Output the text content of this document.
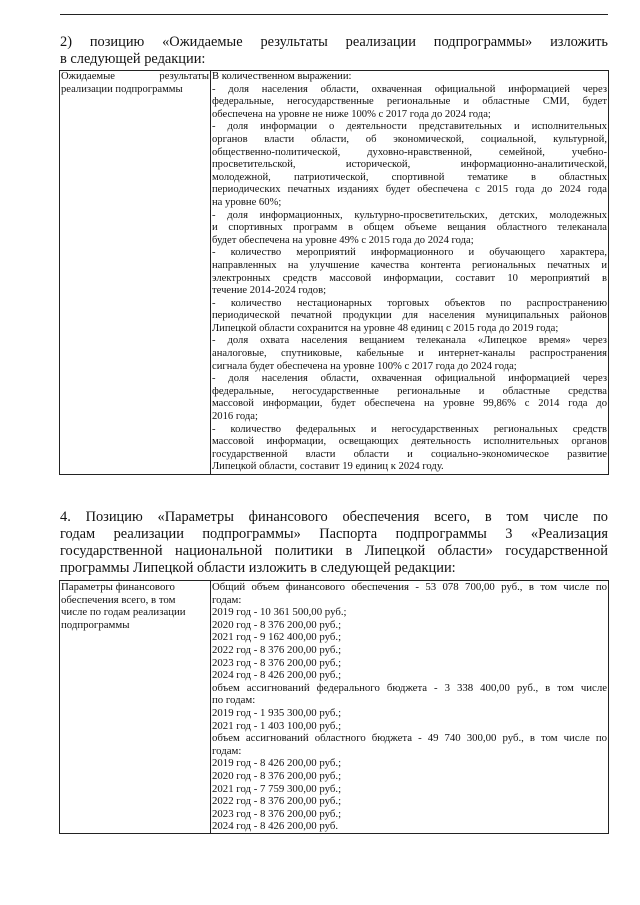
2) позицию «Ожидаемые результаты реализации подпрограммы» изложить
в следующей редакции:
Ожидаемые результаты
реализации подпрограммы

В количественном выражении:
- доля населения области, охваченная официальной информацией через
федеральные, негосударственные региональные и областные СМИ, будет
обеспечена на уровне не ниже 100% с 2017 года до 2024 года;
- доля информации о деятельности представительных и исполнительных
органов власти области, об экономической, социальной, культурной,
общественно-политической, духовно-нравственной, семейной, учебно-
просветительской, исторической, информационно-аналитической,
молодежной, патриотической, спортивной тематике в областных
периодических печатных изданиях будет обеспечена с 2015 года до 2024 года
на уровне 60%;
- доля информационных, культурно-просветительских, детских, молодежных
и спортивных программ в общем объеме вещания областного телеканала
будет обеспечена на уровне 49% с 2015 года до 2024 года;
- количество мероприятий информационного и обучающего характера,
направленных на улучшение качества контента региональных печатных и
электронных средств массовой информации, составит 10 мероприятий в
течение 2014-2024 годов;
- количество нестационарных торговых объектов по распространению
периодической печатной продукции для населения муниципальных районов
Липецкой области сохранится на уровне 48 единиц с 2015 года до 2019 года;
- доля охвата населения вещанием телеканала «Липецкое время» через
аналоговые, спутниковые, кабельные и интернет-каналы распространения
сигнала будет обеспечена на уровне 100% с 2017 года до 2024 года;
- доля населения области, охваченная официальной информацией через
федеральные, негосударственные региональные и областные средства
массовой информации, будет обеспечена на уровне 99,86% с 2014 года до
2016 года;
- количество федеральных и негосударственных региональных средств
массовой информации, освещающих деятельность исполнительных органов
государственной власти области и социально-экономическое развитие
Липецкой области, составит 19 единиц к 2024 году.
4. Позицию «Параметры финансового обеспечения всего, в том числе по
годам реализации подпрограммы» Паспорта подпрограммы 3 «Реализация
государственной национальной политики в Липецкой области» государственной
программы Липецкой области изложить в следующей редакции:
Параметры финансового
обеспечения всего, в том
числе по годам реализации
подпрограммы

Общий объем финансового обеспечения - 53 078 700,00 руб., в том числе по
годам:
2019 год - 10 361 500,00 руб.;
2020 год - 8 376 200,00 руб.;
2021 год - 9 162 400,00 руб.;
2022 год - 8 376 200,00 руб.;
2023 год - 8 376 200,00 руб.;
2024 год - 8 426 200,00 руб.;
объем ассигнований федерального бюджета - 3 338 400,00 руб., в том числе
по годам:
2019 год - 1 935 300,00 руб.;
2021 год - 1 403 100,00 руб.;
объем ассигнований областного бюджета - 49 740 300,00 руб., в том числе по
годам:
2019 год - 8 426 200,00 руб.;
2020 год - 8 376 200,00 руб.;
2021 год - 7 759 300,00 руб.;
2022 год - 8 376 200,00 руб.;
2023 год - 8 376 200,00 руб.;
2024 год - 8 426 200,00 руб.
